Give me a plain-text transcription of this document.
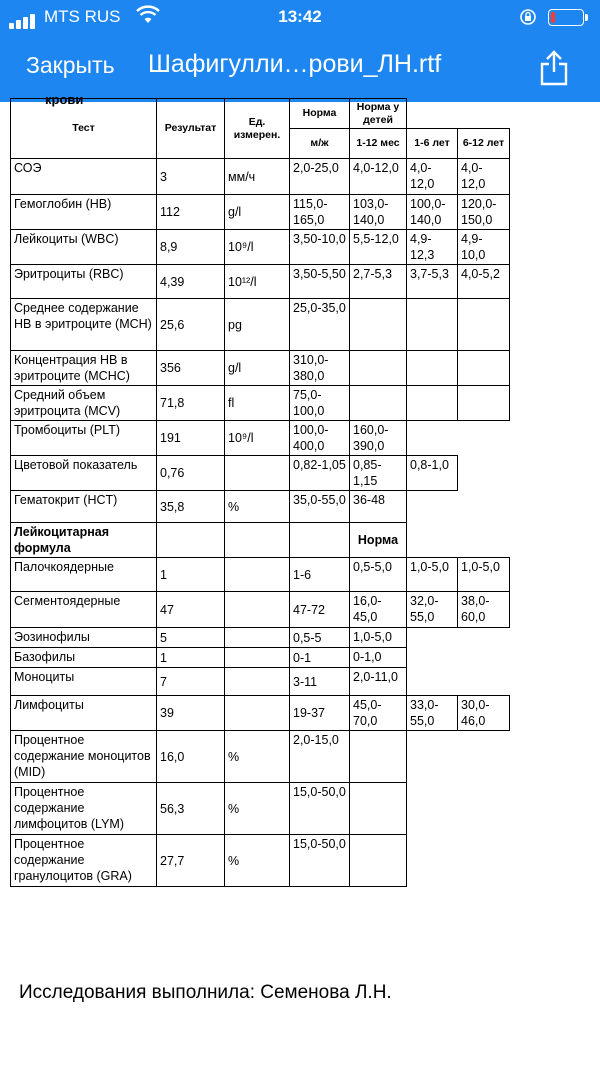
MTS RUS	13:42
Закрыть Шафигулли…рови_ЛН.rtf
крови
Тест	Результат	Ед. измерен.	Норма	Норма у детей		
			м/ж	1-12 мес	1-6 лет	6-12 лет
СОЭ	3	мм/ч	2,0-25,0	4,0-12,0	4,0-12,0	4,0-12,0
Гемоглобин (HB)	112	g/l	115,0-165,0	103,0-140,0	100,0-140,0	120,0-150,0
Лейкоциты (WBC)	8,9	10⁹/l	3,50-10,0	5,5-12,0	4,9-12,3	4,9-10,0
Эритроциты (RBC)	4,39	10¹²/l	3,50-5,50	2,7-5,3	3,7-5,3	4,0-5,2
Среднее содержание HB в эритроците (MCH)	25,6	pg	25,0-35,0			
Концентрация HB в эритроците (MCHC)	356	g/l	310,0-380,0			
Средний объем эритроцита (MCV)	71,8	fl	75,0-100,0			
Тромбоциты (PLT)	191	10⁹/l	100,0-400,0	160,0-390,0		
Цветовой показатель	0,76		0,82-1,05	0,85-1,15	0,8-1,0	
Гематокрит (HCT)	35,8	%	35,0-55,0	36-48		
Лейкоцитарная формула				Норма		
Палочкоядерные	1		1-6	0,5-5,0	1,0-5,0	1,0-5,0
Сегментоядерные	47		47-72	16,0-45,0	32,0-55,0	38,0-60,0
Эозинофилы	5		0,5-5	1,0-5,0		
Базофилы	1		0-1	0-1,0		
Моноциты	7		3-11	2,0-11,0		
Лимфоциты	39		19-37	45,0-70,0	33,0-55,0	30,0-46,0
Процентное содержание моноцитов (MID)	16,0	%	2,0-15,0			
Процентное содержание лимфоцитов (LYM)	56,3	%	15,0-50,0			
Процентное содержание гранулоцитов (GRA)	27,7	%	15,0-50,0			
Исследования выполнила: Семенова Л.Н.
